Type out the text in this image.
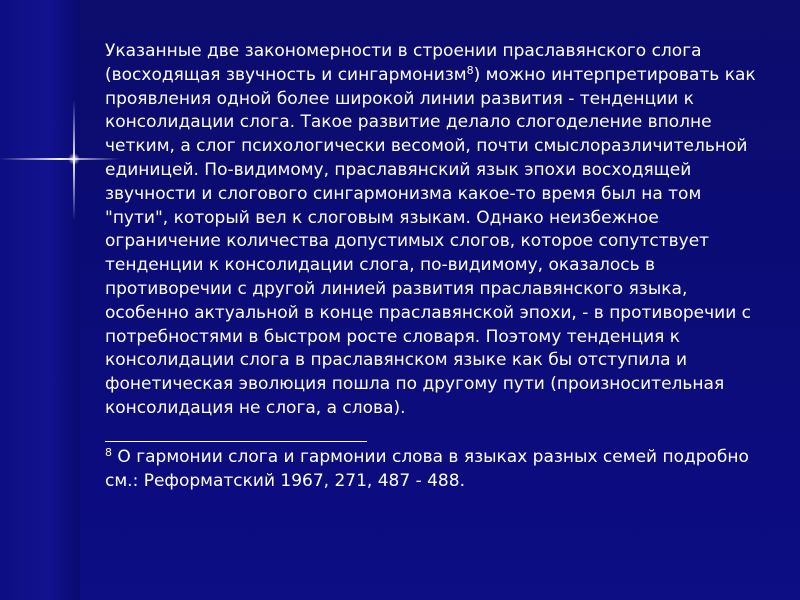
Указанные две закономерности в строении праславянского слога (восходящая звучность и сингармонизм$^8$) можно интерпретировать как проявления одной более широкой линии развития - тенденции к консолидации слога. Такое развитие делало слогоделение вполне четким, а слог психологически весомой, почти смыслоразличительной единицей. По-видимому, праславянский язык эпохи восходящей звучности и слогового сингармонизма какое-то время был на том "пути", который вел к слоговым языкам. Однако неизбежное ограничение количества допустимых слогов, которое сопутствует тенденции к консолидации слога, по-видимому, оказалось в противоречии с другой линией развития праславянского языка, особенно актуальной в конце праславянской эпохи, - в противоречии с потребностями в быстром росте словаря. Поэтому тенденция к консолидации слога в праславянском языке как бы отступила и фонетическая эволюция пошла по другому пути (произносительная консолидация не слога, а слова).

$^8$ О гармонии слога и гармонии слова в языках разных семей подробно см.: Реформатский 1967, 271, 487 - 488.
